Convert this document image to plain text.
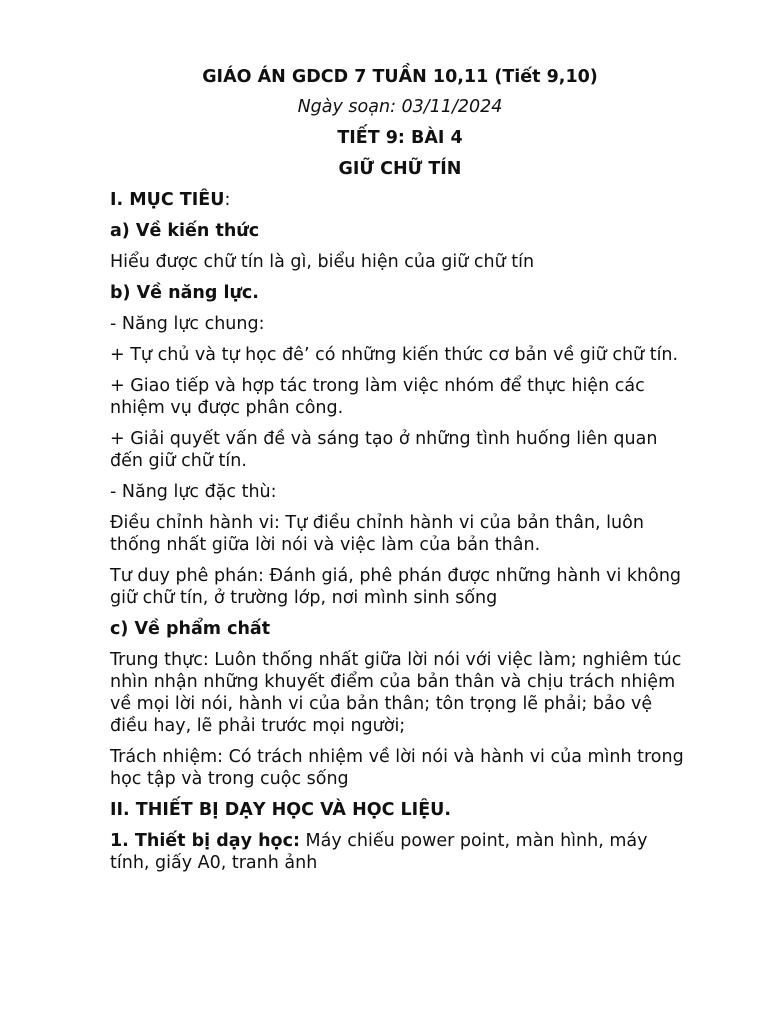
GIÁO ÁN GDCD 7 TUẦN 10,11 (Tiết 9,10)

Ngày soạn: 03/11/2024

TIẾT 9: BÀI 4

GIỮ CHỮ TÍN

I. MỤC TIÊU:

a) Về kiến thức

Hiểu được chữ tín là gì, biểu hiện của giữ chữ tín

b) Về năng lực.

- Năng lực chung:

+ Tự chủ và tự học đê’ có những kiến thức cơ bản về giữ chữ tín.

+ Giao tiếp và hợp tác trong làm việc nhóm để thực hiện các nhiệm vụ được phân công.

+ Giải quyết vấn đề và sáng tạo ở những tình huống liên quan đến giữ chữ tín.

- Năng lực đặc thù:

Điều chỉnh hành vi: Tự điều chỉnh hành vi của bản thân, luôn thống nhất giữa lời nói và việc làm của bản thân.

Tư duy phê phán: Đánh giá, phê phán được những hành vi không giữ chữ tín, ở trường lớp, nơi mình sinh sống

c) Về phẩm chất

Trung thực: Luôn thống nhất giữa lời nói với việc làm; nghiêm túc nhìn nhận những khuyết điểm của bản thân và chịu trách nhiệm về mọi lời nói, hành vi của bản thân; tôn trọng lẽ phải; bảo vệ điều hay, lẽ phải trước mọi người;

Trách nhiệm: Có trách nhiệm về lời nói và hành vi của mình trong học tập và trong cuộc sống

II. THIẾT BỊ DẠY HỌC VÀ HỌC LIỆU.

1. Thiết bị dạy học: Máy chiếu power point, màn hình, máy tính, giấy A0, tranh ảnh
